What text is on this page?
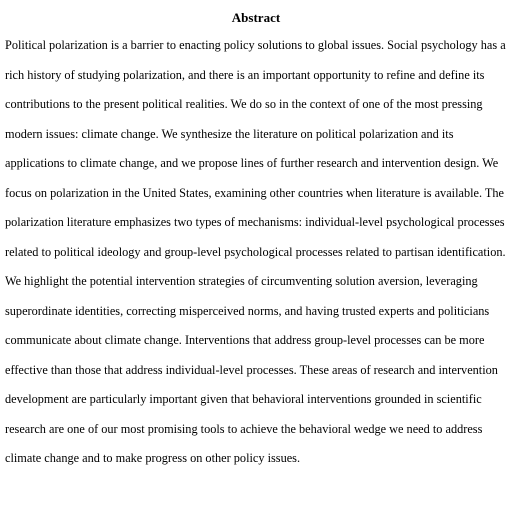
Abstract

Political polarization is a barrier to enacting policy solutions to global issues. Social psychology has a rich history of studying polarization, and there is an important opportunity to refine and define its contributions to the present political realities. We do so in the context of one of the most pressing modern issues: climate change. We synthesize the literature on political polarization and its applications to climate change, and we propose lines of further research and intervention design. We focus on polarization in the United States, examining other countries when literature is available. The polarization literature emphasizes two types of mechanisms: individual-level psychological processes related to political ideology and group-level psychological processes related to partisan identification. We highlight the potential intervention strategies of circumventing solution aversion, leveraging superordinate identities, correcting misperceived norms, and having trusted experts and politicians communicate about climate change. Interventions that address group-level processes can be more effective than those that address individual-level processes. These areas of research and intervention development are particularly important given that behavioral interventions grounded in scientific research are one of our most promising tools to achieve the behavioral wedge we need to address climate change and to make progress on other policy issues.
